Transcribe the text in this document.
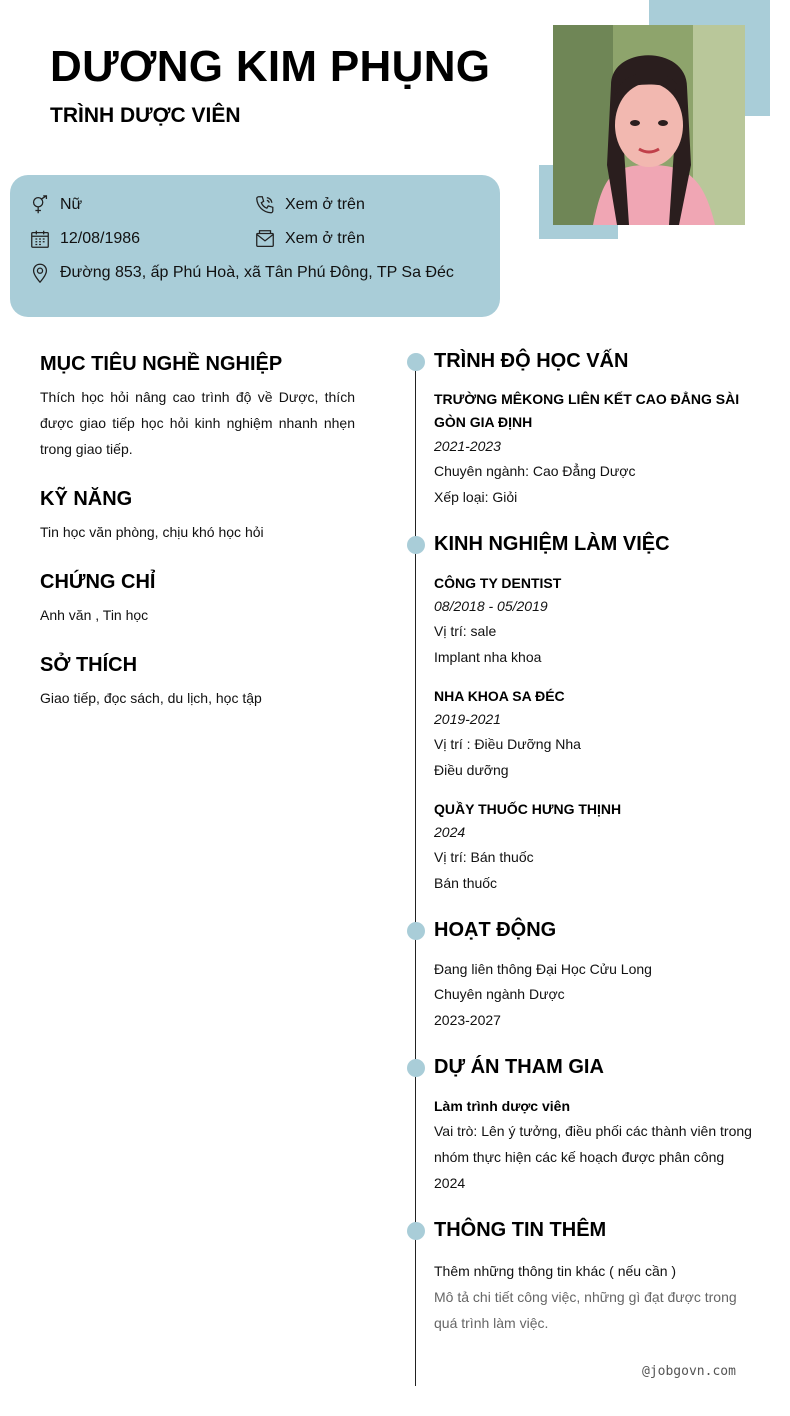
DƯƠNG KIM PHỤNG
TRÌNH DƯỢC VIÊN
Nữ	Xem ở trên
12/08/1986	Xem ở trên
Đường 853, ấp Phú Hoà, xã Tân Phú Đông, TP Sa Đéc
MỤC TIÊU NGHỀ NGHIỆP
Thích học hỏi nâng cao trình độ về Dược, thích được giao tiếp học hỏi kinh nghiệm nhanh nhẹn trong giao tiếp.
KỸ NĂNG
Tin học văn phòng, chịu khó học hỏi
CHỨNG CHỈ
Anh văn , Tin học
SỞ THÍCH
Giao tiếp, đọc sách, du lịch, học tập
TRÌNH ĐỘ HỌC VẤN
TRƯỜNG MÊKONG LIÊN KẾT CAO ĐẲNG SÀI GÒN GIA ĐỊNH
2021-2023
Chuyên ngành: Cao Đẳng Dược
Xếp loại: Giỏi
KINH NGHIỆM LÀM VIỆC
CÔNG TY DENTIST
08/2018 - 05/2019
Vị trí: sale
Implant nha khoa
NHA KHOA SA ĐÉC
2019-2021
Vị trí : Điều Dưỡng Nha
Điều dưỡng
QUẦY THUỐC HƯNG THỊNH
2024
Vị trí: Bán thuốc
Bán thuốc
HOẠT ĐỘNG
Đang liên thông Đại Học Cửu Long
Chuyên ngành Dược
2023-2027
DỰ ÁN THAM GIA
Làm trình dược viên
Vai trò: Lên ý tưởng, điều phối các thành viên trong nhóm thực hiện các kế hoạch được phân công
2024
THÔNG TIN THÊM
Thêm những thông tin khác ( nếu cần )
Mô tả chi tiết công việc, những gì đạt được trong quá trình làm việc.
@jobgovn.com
